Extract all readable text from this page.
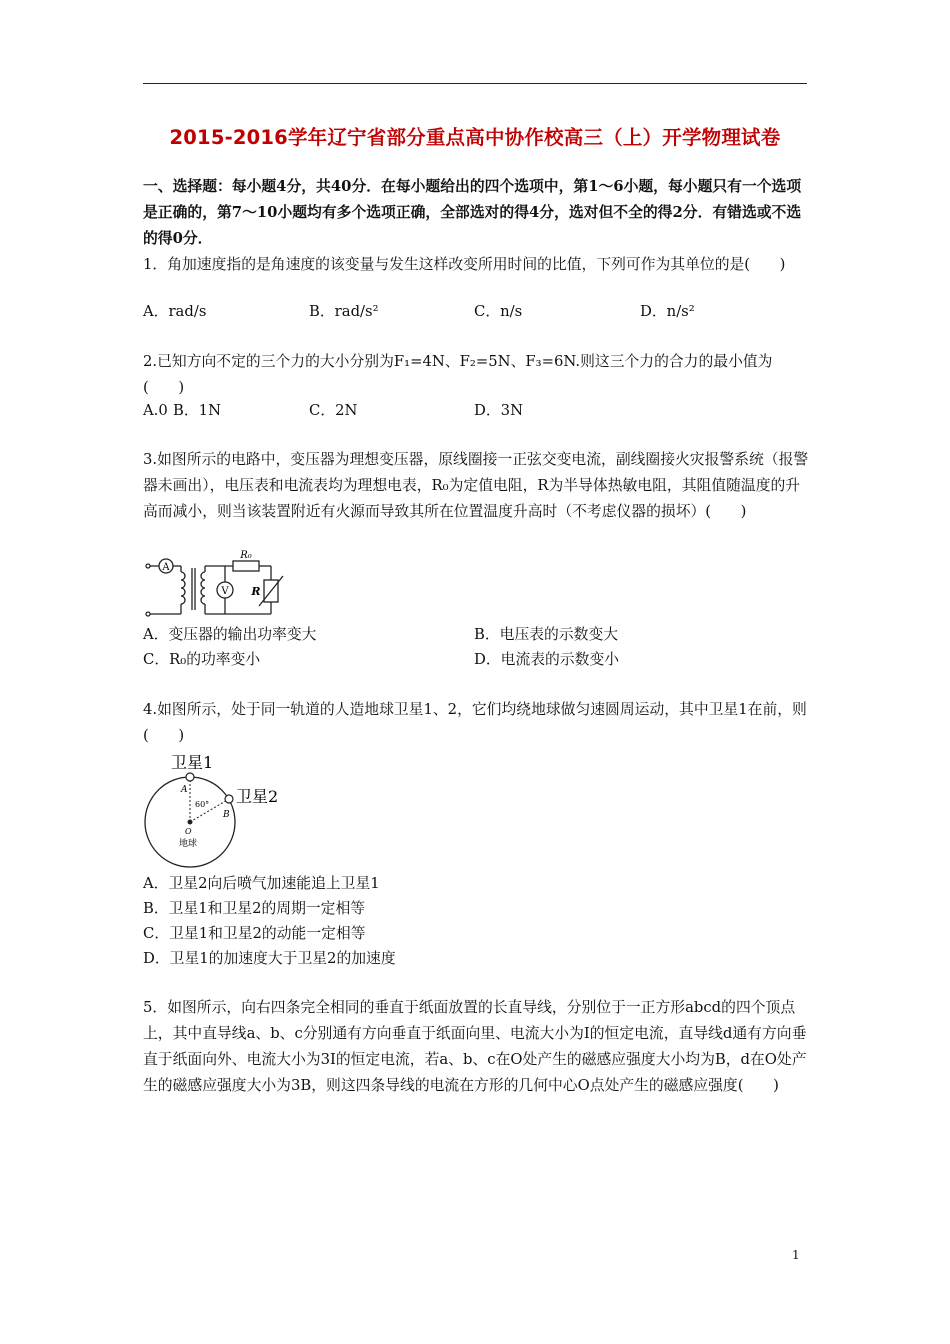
2015-2016学年辽宁省部分重点高中协作校高三（上）开学物理试卷
一、选择题：每小题4分，共40分．在每小题给出的四个选项中，第1～6小题，每小题只有一个选项是正确的，第7～10小题均有多个选项正确，全部选对的得4分，选对但不全的得2分．有错选或不选的得0分．
1．角加速度指的是角速度的该变量与发生这样改变所用时间的比值，下列可作为其单位的是(　　)
A．rad/s	B．rad/s²	C．n/s	D．n/s²
2.已知方向不定的三个力的大小分别为F₁=4N、F₂=5N、F₃=6N.则这三个力的合力的最小值为(　　)
A.0 B．1N	C．2N	D．3N
3.如图所示的电路中，变压器为理想变压器，原线圈接一正弦交变电流，副线圈接火灾报警系统（报警器未画出），电压表和电流表均为理想电表，R₀为定值电阻，R为半导体热敏电阻，其阻值随温度的升高而减小，则当该装置附近有火源而导致其所在位置温度升高时（不考虑仪器的损坏）(　　)
A
V
R₀
R
A．变压器的输出功率变大	B．电压表的示数变大
C．R₀的功率变小	D．电流表的示数变小
4.如图所示，处于同一轨道的人造地球卫星1、2，它们均绕地球做匀速圆周运动，其中卫星1在前，则(　　)
卫星1
卫星2
A
B
60°
O
地球
A．卫星2向后喷气加速能追上卫星1
B．卫星1和卫星2的周期一定相等
C．卫星1和卫星2的动能一定相等
D．卫星1的加速度大于卫星2的加速度
5．如图所示，向右四条完全相同的垂直于纸面放置的长直导线，分别位于一正方形abcd的四个顶点上，其中直导线a、b、c分别通有方向垂直于纸面向里、电流大小为I的恒定电流，直导线d通有方向垂直于纸面向外、电流大小为3I的恒定电流，若a、b、c在O处产生的磁感应强度大小均为B，d在O处产生的磁感应强度大小为3B，则这四条导线的电流在方形的几何中心O点处产生的磁感应强度(　　)
1
